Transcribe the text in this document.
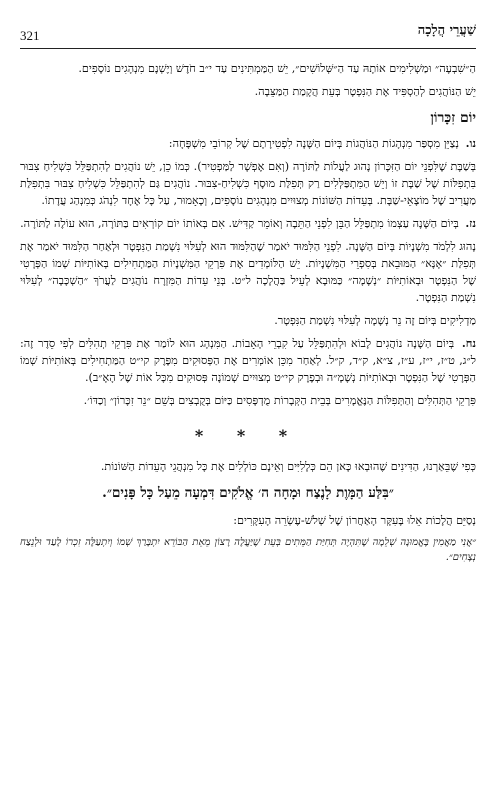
321	שַׁעֲרֵי הֲלָכָה

הַ״שִׁבְעָה״ וּמַשְׁלִימִים אוֹתָהּ עַד הַ״שְּׁלוֹשִׁים״, יֵשׁ הַמַּמְתִּינִים עַד י״ב חֹדֶשׁ וְיֶשְׁנָם מִנְהָגִים נוֹסָפִים.

יֵשׁ הַנּוֹהֲגִים לְהַסְפִּיד אֶת הַנִּפְטָר בְּעֵת הֲקָמַת הַמַּצֵּבָה.

יוֹם זִכָּרוֹן

נו. נְצַיֵּן מִסְפַּר מִנְהָגוֹת הַנּוֹהֲגוֹת בְּיוֹם הַשָּׁנָה לִפְטִירָתָם שֶׁל קְרוֹבֵי מִשְׁפָּחָה:

בְּשַׁבָּת שֶׁלִּפְנֵי יוֹם הַזִּכָּרוֹן נָהוּג לַעֲלוֹת לַתּוֹרָה (וְאִם אֶפְשָׁר לַמַּפְטִיר). כְּמוֹ כֵן, יֵשׁ נוֹהֲגִים לְהִתְפַּלֵּל כִּשְׁלִיחַ צִבּוּר בִּתְפִלּוֹת שֶׁל שַׁבָּת זוֹ וְיֵשׁ הַמִּתְפַּלְּלִים רַק תְּפִלַּת מוּסָף כִּשְׁלִיחַ-צִבּוּר. נוֹהֲגִים גַּם לְהִתְפַּלֵּל כִּשְׁלִיחַ צִבּוּר בִּתְפִלַּת מַעֲרִיב שֶׁל מוֹצָאֵי-שַׁבָּת. בְּעֵדוֹת הַשּׁוֹנוֹת מְצוּיִים מִנְהָגִים נוֹסָפִים, וְכָאָמוּר, עַל כָּל אֶחָד לִנְהֹג כְּמִנְהַג עֲדָתוֹ.

נז. בְּיוֹם הַשָּׁנָה עַצְמוֹ מִתְפַּלֵּל הַבֵּן לִפְנֵי הַתֵּבָה וְאוֹמֵר קַדִּישׁ. אִם בְּאוֹתוֹ יוֹם קוֹרְאִים בַּתּוֹרָה, הוּא עוֹלֶה לַתּוֹרָה.

נָהוּג לִלְמֹד מִשְׁנָיוֹת בְּיוֹם הַשָּׁנָה. לִפְנֵי הַלִּמּוּד יֹאמַר שֶׁהַלִּמּוּד הוּא לְעִלּוּי נִשְׁמַת הַנִּפְטָר וּלְאַחַר הַלִּמּוּד יֹאמַר אֶת תְּפִלַּת ״אָנָּא״ הַמּוּבֵאת בְּסִפְרֵי הַמִּשְׁנָיוֹת. יֵשׁ הַלּוֹמְדִים אֶת פִּרְקֵי הַמִּשְׁנָיוֹת הַמַּתְחִילִים בְּאוֹתִיּוֹת שְׁמוֹ הַפְּרָטִי שֶׁל הַנִּפְטָר וּבְאוֹתִיּוֹת ״נְשָׁמָה״ כַּמּוּבָא לְעֵיל בַּהֲלָכָה ל״ט. בְּנֵי עֵדוֹת הַמִּזְרָח נוֹהֲגִים לַעֲרֹךְ ״הַשְׁכָּבָה״ לְעִלּוּי נִשְׁמַת הַנִּפְטָר.

מַדְלִיקִים בְּיוֹם זֶה נֵר נְשָׁמָה לְעִלּוּי נִשְׁמַת הַנִּפְטָר.

נח. בְּיוֹם הַשָּׁנָה נוֹהֲגִים לָבוֹא וּלְהִתְפַּלֵּל עַל קִבְרֵי הָאָבוֹת. הַמִּנְהָג הוּא לוֹמַר אֶת פִּרְקֵי תְהִלִּים לְפִי סֵדֶר זֶה: ל״ג, ט״ז, י״ז, ע״ז, צ״א, ק״ד, ק״ל. לְאַחַר מִכֵּן אוֹמְרִים אֶת הַפְּסוּקִים מִפֶּרֶק קי״ט הַמַּתְחִילִים בְּאוֹתִיּוֹת שְׁמוֹ הַפְּרָטִי שֶׁל הַנִּפְטָר וּבְאוֹתִיּוֹת נְשָׁמָ״ה וּבְפֶרֶק קי״ט מְצוּיִים שְׁמוֹנָה פְּסוּקִים מִכָּל אוֹת שֶׁל הָאָ״ב).

פִּרְקֵי הַתְּהִלִּים וְהַתְּפִלּוֹת הַנֶּאֱמָרִים בְּבֵית הַקְּבָרוֹת מֻדְפָּסִים כַּיּוֹם בְּקֻבְצִים בְּשֵׁם ״נֵר זִכָּרוֹן״ וְכַדּוֹ׳.

* * *

כְּפִי שֶׁבֵּאַרְנוּ, הַדִּינִים שֶׁהוּבְאוּ כָּאן הֵם כְּלָלִיִּים וְאֵינָם כּוֹלְלִים אֶת כָּל מִנְהֲגֵי הָעֵדוֹת הַשּׁוֹנוֹת.

״בִּלַּע הַמָּוֶת לָנֶצַח וּמָחָה ה׳ אֱלֹקִים דִּמְעָה מֵעַל כָּל פָּנִים״.

נְסַיֵּם הֲלָכוֹת אֵלוּ בָּעִקָּר הָאַחֲרוֹן שֶׁל שְׁלֹשׁ-עֶשְׂרֵה הָעִקָּרִים:

״אֲנִי מַאֲמִין בֶּאֱמוּנָה שְׁלֵמָה שֶׁתִּהְיֶה תְּחִיַּת הַמֵּתִים בְּעֵת שֶׁיַּעֲלֶה רָצוֹן מֵאֵת הַבּוֹרֵא יִתְבָּרַךְ שְׁמוֹ וְיִתְעַלֶּה זִכְרוֹ לָעַד וּלְנֵצַח נְצָחִים״.
